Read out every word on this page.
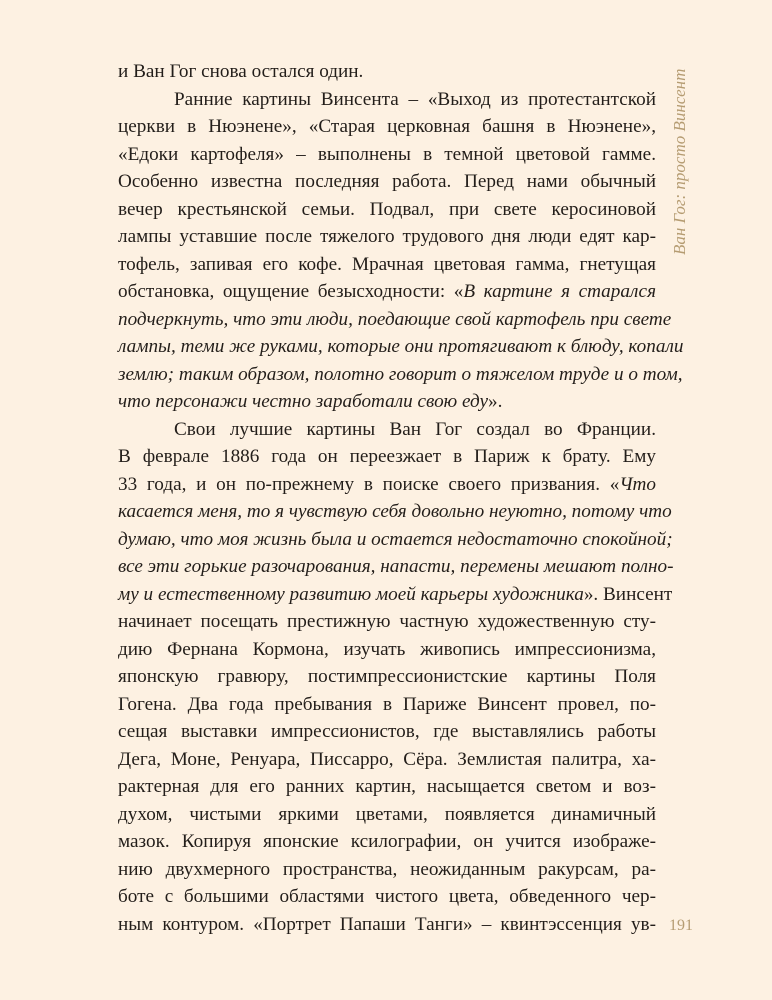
Ван Гог: просто Винсент
и Ван Гог снова остался один.
Ранние картины Винсента – «Выход из протестантской
церкви в Нюэнене», «Старая церковная башня в Нюэнене»,
«Едоки картофеля» – выполнены в темной цветовой гамме.
Особенно известна последняя работа. Перед нами обычный
вечер крестьянской семьи. Подвал, при свете керосиновой
лампы уставшие после тяжелого трудового дня люди едят кар-
тофель, запивая его кофе. Мрачная цветовая гамма, гнетущая
обстановка, ощущение безысходности: «В картине я старался
подчеркнуть, что эти люди, поедающие свой картофель при свете
лампы, теми же руками, которые они протягивают к блюду, копали
землю; таким образом, полотно говорит о тяжелом труде и о том,
что персонажи честно заработали свою еду».
Свои лучшие картины Ван Гог создал во Франции.
В феврале 1886 года он переезжает в Париж к брату. Ему
33 года, и он по-прежнему в поиске своего призвания. «Что
касается меня, то я чувствую себя довольно неуютно, потому что
думаю, что моя жизнь была и остается недостаточно спокойной;
все эти горькие разочарования, напасти, перемены мешают полно-
му и естественному развитию моей карьеры художника». Винсент
начинает посещать престижную частную художественную сту-
дию Фернана Кормона, изучать живопись импрессионизма,
японскую гравюру, постимпрессионистские картины Поля
Гогена. Два года пребывания в Париже Винсент провел, по-
сещая выставки импрессионистов, где выставлялись работы
Дега, Моне, Ренуара, Писсарро, Сёра. Землистая палитра, ха-
рактерная для его ранних картин, насыщается светом и воз-
духом, чистыми яркими цветами, появляется динамичный
мазок. Копируя японские ксилографии, он учится изображе-
нию двухмерного пространства, неожиданным ракурсам, ра-
боте с большими областями чистого цвета, обведенного чер-
ным контуром. «Портрет Папаши Танги» – квинтэссенция ув- 191
